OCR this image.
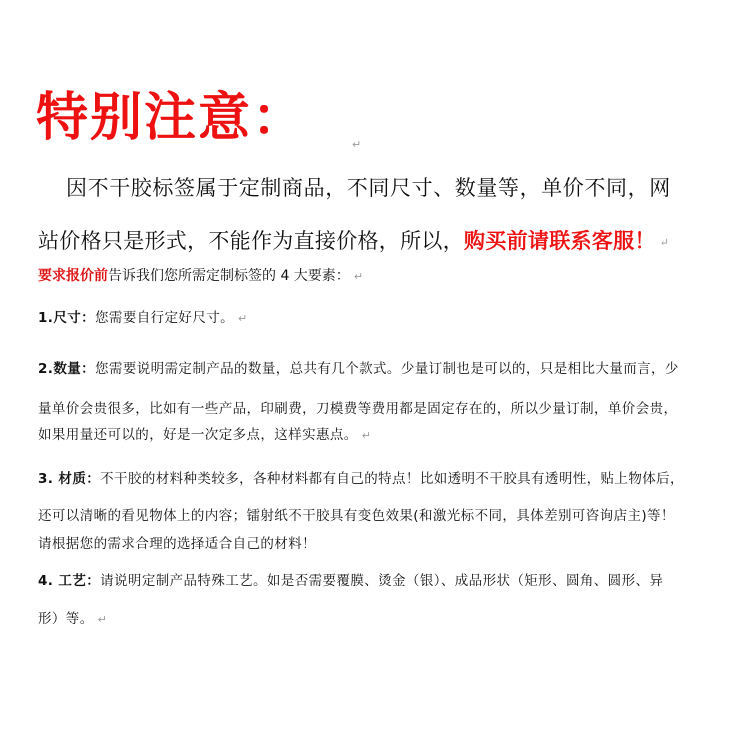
特别注意：	↵
因不干胶标签属于定制商品，不同尺寸、数量等，单价不同，网
站价格只是形式，不能作为直接价格，所以，购买前请联系客服！ ↵
要求报价前告诉我们您所需定制标签的 4 大要素： ↵
1.尺寸：您需要自行定好尺寸。 ↵
2.数量：您需要说明需定制产品的数量，总共有几个款式。少量订制也是可以的，只是相比大量而言，少
量单价会贵很多，比如有一些产品，印刷费，刀模费等费用都是固定存在的，所以少量订制，单价会贵，
如果用量还可以的，好是一次定多点，这样实惠点。 ↵
3. 材质：不干胶的材料种类较多，各种材料都有自己的特点！比如透明不干胶具有透明性，贴上物体后，
还可以清晰的看见物体上的内容；镭射纸不干胶具有变色效果(和激光标不同，具体差别可咨询店主)等！
请根据您的需求合理的选择适合自己的材料！
4. 工艺：请说明定制产品特殊工艺。如是否需要覆膜、烫金（银）、成品形状（矩形、圆角、圆形、异
形）等。 ↵
